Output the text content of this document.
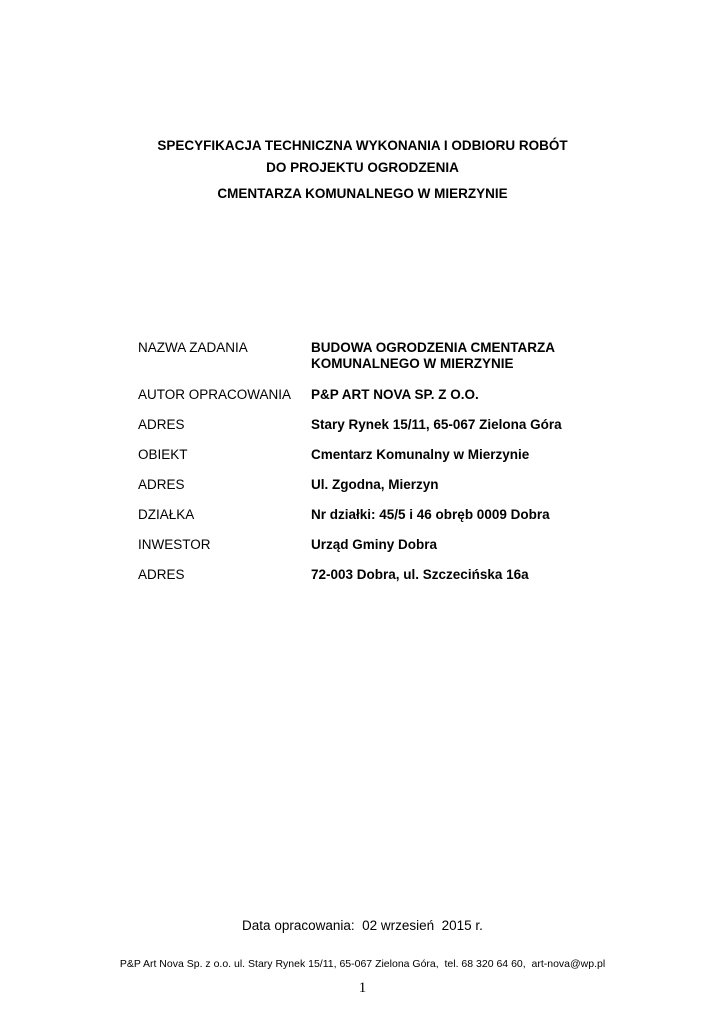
SPECYFIKACJA TECHNICZNA WYKONANIA I ODBIORU ROBÓT
DO PROJEKTU OGRODZENIA
CMENTARZA KOMUNALNEGO W MIERZYNIE
NAZWA ZADANIA	BUDOWA OGRODZENIA CMENTARZA KOMUNALNEGO W MIERZYNIE
AUTOR OPRACOWANIA	P&P ART NOVA SP. Z O.O.
ADRES	Stary Rynek 15/11, 65-067 Zielona Góra
OBIEKT	Cmentarz Komunalny w Mierzynie
ADRES	Ul. Zgodna, Mierzyn
DZIAŁKA	Nr działki: 45/5 i 46 obręb 0009 Dobra
INWESTOR	Urząd Gminy Dobra
ADRES	72-003 Dobra, ul. Szczecińska 16a
Data opracowania:  02 wrzesień  2015 r.
P&P Art Nova Sp. z o.o. ul. Stary Rynek 15/11, 65-067 Zielona Góra,  tel. 68 320 64 60,  art-nova@wp.pl
1
